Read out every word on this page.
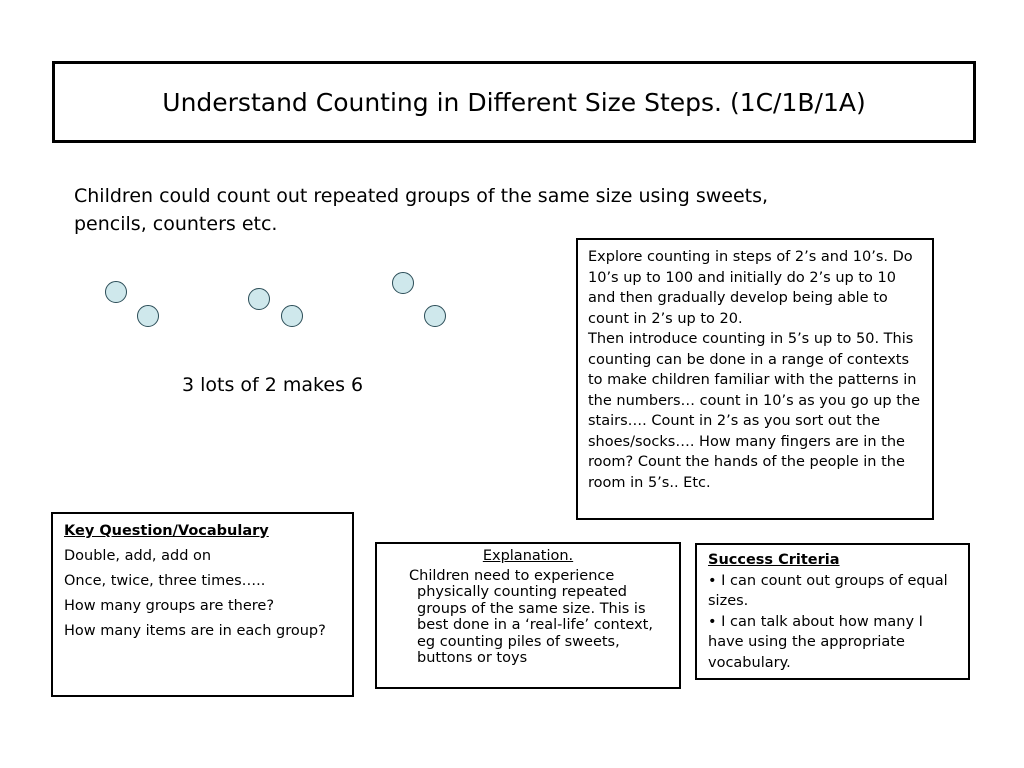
Understand Counting in Different Size Steps. (1C/1B/1A)
Children could count out repeated groups of the same size using sweets, pencils, counters etc.
3 lots of 2 makes 6

Explore counting in steps of 2’s and 10’s. Do 10’s up to 100 and initially do 2’s up to 10 and then gradually develop being able to count in 2’s up to 20.

Then introduce counting in 5’s up to 50. This counting can be done in a range of contexts to make children familiar with the patterns in the numbers… count in 10’s as you go up the stairs…. Count in 2’s as you sort out the shoes/socks…. How many fingers are in the room? Count the hands of the people in the room in 5’s.. Etc.

Key Question/Vocabulary
Double, add, add on
Once, twice, three times…..
How many groups are there?
How many items are in each group?
Explanation.
Children need to experience physically counting repeated groups of the same size. This is best done in a ‘real-life’ context, eg counting piles of sweets, buttons or toys
Success Criteria
• I can count out groups of equal sizes.
• I can talk about how many I have using the appropriate vocabulary.
